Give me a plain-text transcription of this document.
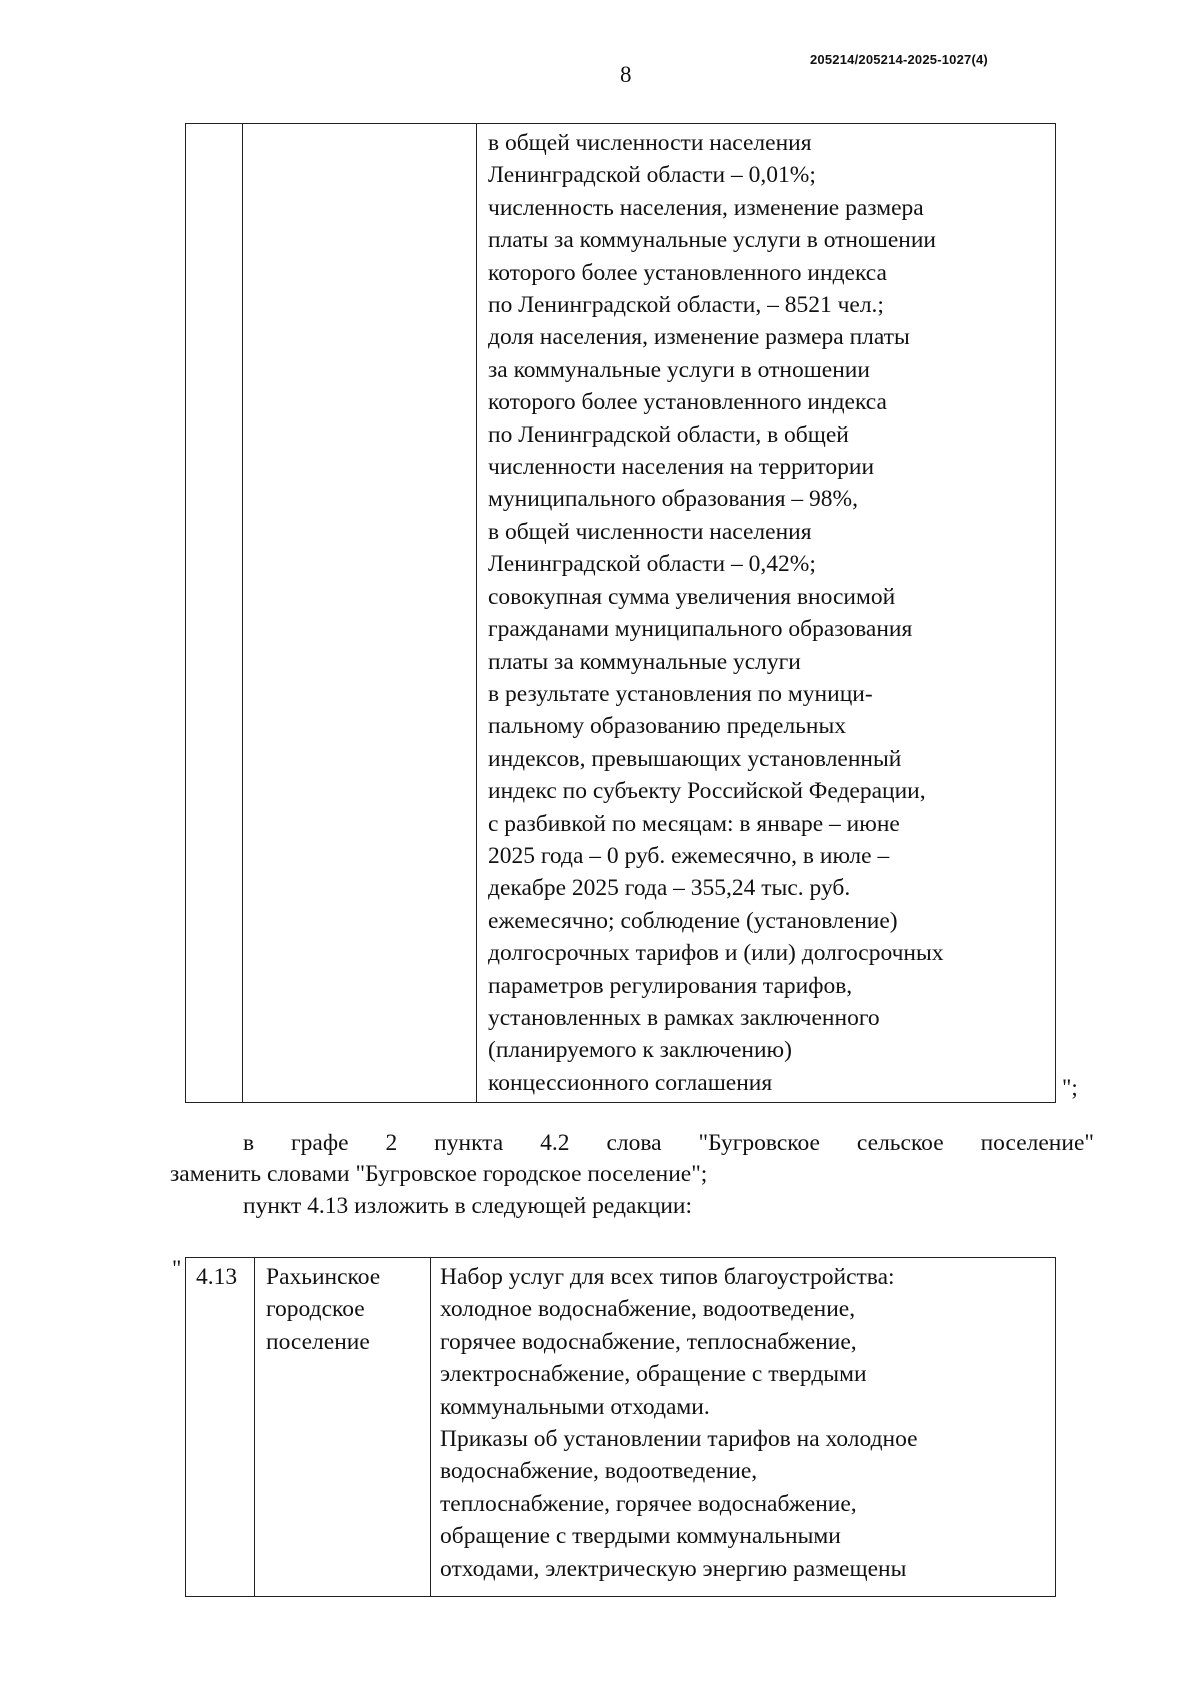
8
205214/205214-2025-1027(4)
в общей численности населения
Ленинградской области – 0,01%;
численность населения, изменение размера
платы за коммунальные услуги в отношении
которого более установленного индекса
по Ленинградской области, – 8521 чел.;
доля населения, изменение размера платы
за коммунальные услуги в отношении
которого более установленного индекса
по Ленинградской области, в общей
численности населения на территории
муниципального образования – 98%,
в общей численности населения
Ленинградской области – 0,42%;
совокупная сумма увеличения вносимой
гражданами муниципального образования
платы за коммунальные услуги
в результате установления по муници-
пальному образованию предельных
индексов, превышающих установленный
индекс по субъекту Российской Федерации,
с разбивкой по месяцам: в январе – июне
2025 года – 0 руб. ежемесячно, в июле –
декабре 2025 года – 355,24 тыс. руб.
ежемесячно; соблюдение (установление)
долгосрочных тарифов и (или) долгосрочных
параметров регулирования тарифов,
установленных в рамках заключенного
(планируемого к заключению)
концессионного соглашения	";
в графе 2 пункта 4.2 слова "Бугровское сельское поселение"
заменить словами "Бугровское городское поселение";
пункт 4.13 изложить в следующей редакции:
" 4.13 Рахьинское
городское
поселение
Набор услуг для всех типов благоустройства:
холодное водоснабжение, водоотведение,
горячее водоснабжение, теплоснабжение,
электроснабжение, обращение с твердыми
коммунальными отходами.
Приказы об установлении тарифов на холодное
водоснабжение, водоотведение,
теплоснабжение, горячее водоснабжение,
обращение с твердыми коммунальными
отходами, электрическую энергию размещены
